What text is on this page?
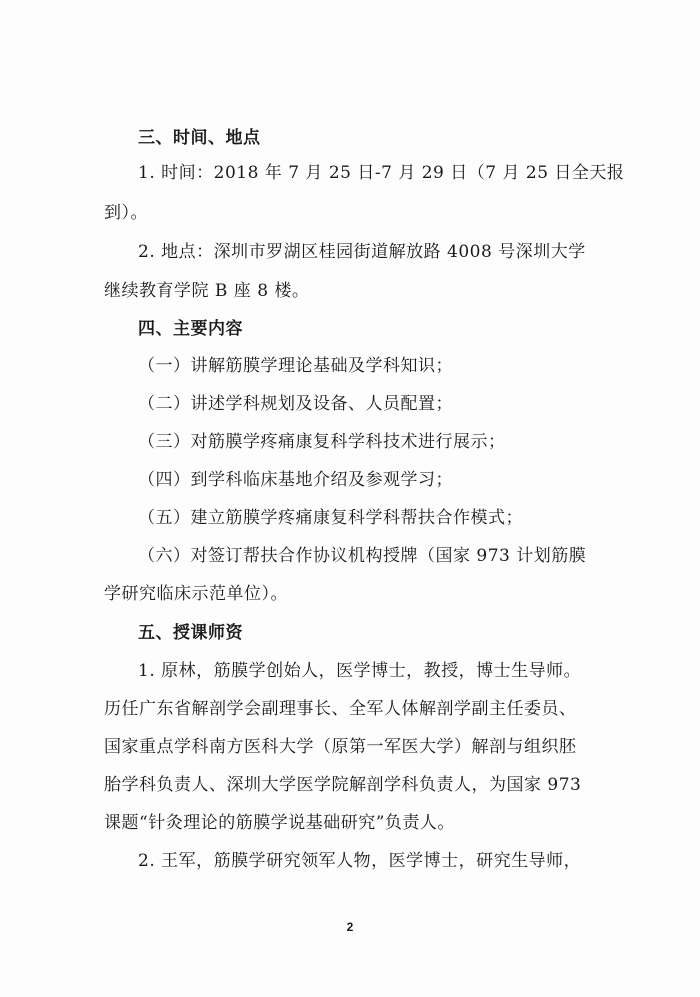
三、时间、地点
1. 时间：2018 年 7 月 25 日-7 月 29 日（7 月 25 日全天报
到）。
2. 地点：深圳市罗湖区桂园街道解放路 4008 号深圳大学
继续教育学院 B 座 8 楼。
四、主要内容
（一）讲解筋膜学理论基础及学科知识；
（二）讲述学科规划及设备、人员配置；
（三）对筋膜学疼痛康复科学科技术进行展示；
（四）到学科临床基地介绍及参观学习；
（五）建立筋膜学疼痛康复科学科帮扶合作模式；
（六）对签订帮扶合作协议机构授牌（国家 973 计划筋膜
学研究临床示范单位）。
五、授课师资
1. 原林，筋膜学创始人，医学博士，教授，博士生导师。
历任广东省解剖学会副理事长、全军人体解剖学副主任委员、
国家重点学科南方医科大学（原第一军医大学）解剖与组织胚
胎学科负责人、深圳大学医学院解剖学科负责人，为国家 973
课题“针灸理论的筋膜学说基础研究”负责人。
2. 王军，筋膜学研究领军人物，医学博士，研究生导师，
2
